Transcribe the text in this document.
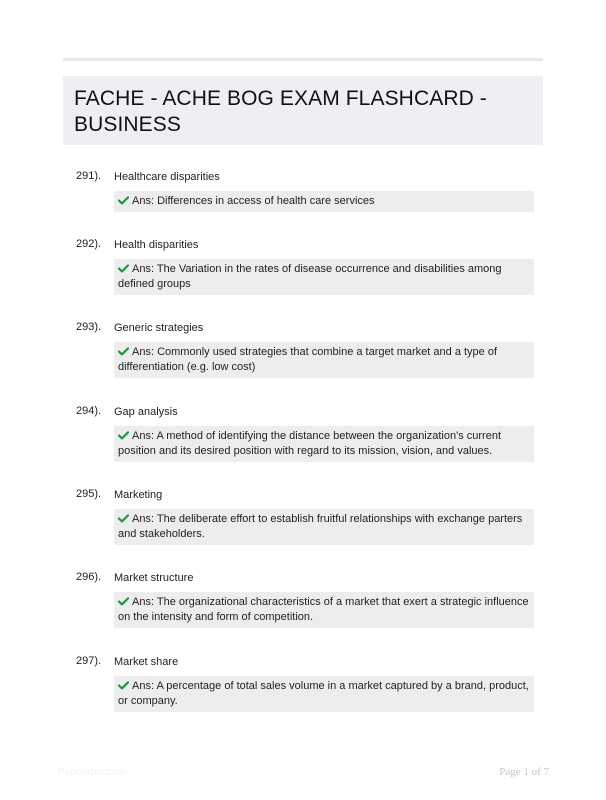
FACHE - ACHE BOG EXAM FLASHCARD - BUSINESS
291). Healthcare disparities
Ans: Differences in access of health care services
292). Health disparities
Ans: The Variation in the rates of disease occurrence and disabilities among defined groups
293). Generic strategies
Ans: Commonly used strategies that combine a target market and a type of differentiation (e.g. low cost)
294). Gap analysis
Ans: A method of identifying the distance between the organization's current position and its desired position with regard to its mission, vision, and values.
295). Marketing
Ans: The deliberate effort to establish fruitful relationships with exchange parters and stakeholders.
296). Market structure
Ans: The organizational characteristics of a market that exert a strategic influence on the intensity and form of competition.
297). Market share
Ans: A percentage of total sales volume in a market captured by a brand, product, or company.
Papertrbic.com	Page 1 of 7
